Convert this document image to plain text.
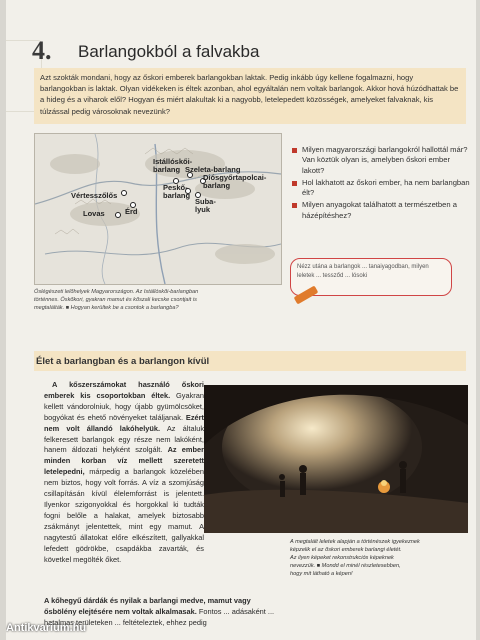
4. Barlangokból a falvakba
Azt szokták mondani, hogy az őskori emberek barlangokban laktak. Pedig inkább úgy kellene fogalmazni, hogy barlangokban is laktak. Olyan vidékeken is éltek azonban, ahol egyáltalán nem voltak barlangok. Akkor hová húzódhattak be a hideg és a viharok elől? Hogyan és miért alakultak ki a nagyobb, letelepedett közösségek, amelyeket falvaknak, kis túlzással pedig városoknak nevezünk?
Istállóskői-
barlang Szeleta-barlang
Diósgyőrtapolcai-
barlang
Peskő-
barlang
Suba-
lyuk
Vértesszőlős
Érd
Lovas
Őslégészeti lelőhelyek Magyarországon. Az Istállóskői-barlangban
történnes. Őskőkori, gyakran mamut és kőszali kecske csontjait is
megtalálták. ■ Hogyan kerültek be a csontok a barlangba?
Milyen magyarországi barlangokról hallottál már? Van köztük olyan is, amelyben őskori ember lakott?
Hol lakhatott az őskori ember, ha nem barlangban élt?
Milyen anyagokat találhatott a természetben a házépítéshez?
Nézz utána a barlangok ... tanaiyagodban, milyen leletek ... tessződ ... lósoki
Élet a barlangban és a barlangon kívül

A kőszerszámokat használó őskori emberek kis csoportokban éltek. Gyakran kellett vándorolniuk, hogy újabb gyümölcsöket, bogyókat és ehető növényeket találjanak. Ezért nem volt állandó lakóhelyük. Az általuk felkeresett barlangok egy része nem lakóként, hanem áldozati helyként szolgált. Az ember minden korban víz mellett szeretett letelepedni, márpedig a barlangok közelében nem biztos, hogy volt forrás. A víz a szomjúság csillapításán kívül élelemforrást is jelentett. Ilyenkor szigonyokkal és horgokkal ki tudták fogni belőle a halakat, amelyek biztosabb zsákmányt jelentettek, mint egy mamut. A nagytestű állatokat előre elkészített, gallyakkal lefedett gödrökbe, csapdákba zavarták, és követkel megölték őket.

A megtalált leletek alapján a történészek igyekeznek
képzelik el az őskori emberek barlangi életét.
Az ilyen képeket rekonstrukciós képeknek
nevezzük. ■ Mondd el minél részletesebben,
hogy mit látható a képen!

A kőhegyű dárdák és nyilak a barlangi medve, mamut vagy ősbölény elejtésére nem voltak alkalmasak. Fontos ... adásaként ... hatalmas területeken ... feltételeztek, ehhez pedig

Antikvarium.hu
